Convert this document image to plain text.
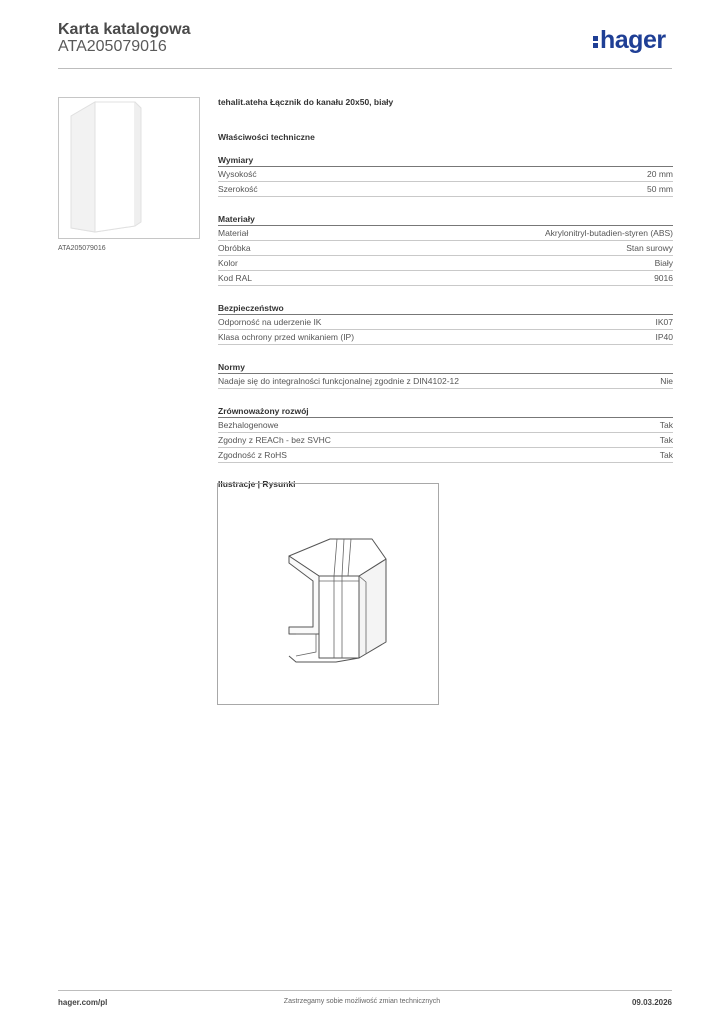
Karta katalogowa
ATA205079016	hager
ATA205079016
tehalit.ateha Łącznik do kanału 20x50, biały
Właściwości techniczne
Wymiary
Wysokość	20 mm
Szerokość	50 mm
Materiały
Materiał	Akrylonitryl-butadien-styren (ABS)
Obróbka	Stan surowy
Kolor	Biały
Kod RAL	9016
Bezpieczeństwo
Odporność na uderzenie IK	IK07
Klasa ochrony przed wnikaniem (IP)	IP40
Normy
Nadaje się do integralności funkcjonalnej zgodnie z DIN4102-12	Nie
Zrównoważony rozwój
Bezhalogenowe	Tak
Zgodny z REACh - bez SVHC	Tak
Zgodność z RoHS	Tak
Ilustracje | Rysunki
hager.com/pl	Zastrzegamy sobie możliwość zmian technicznych	09.03.2026
